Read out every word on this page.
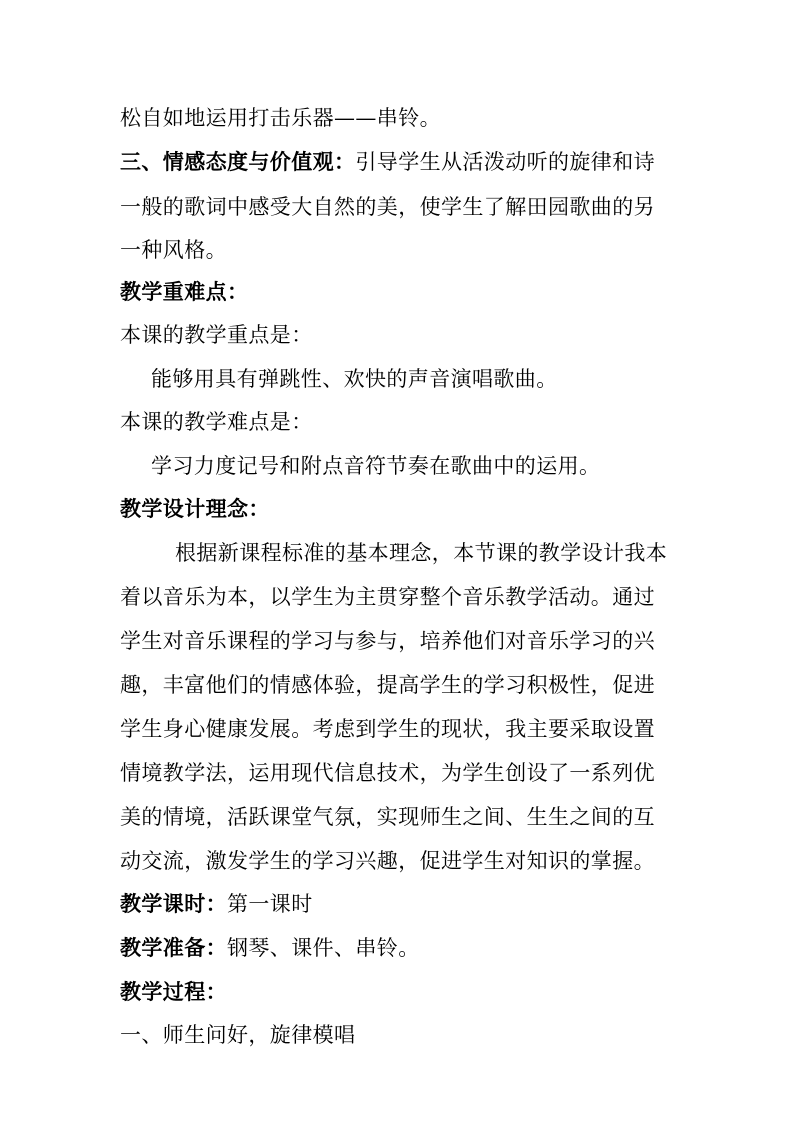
松自如地运用打击乐器——串铃。
三、情感态度与价值观：引导学生从活泼动听的旋律和诗
一般的歌词中感受大自然的美，使学生了解田园歌曲的另
一种风格。
教学重难点：
本课的教学重点是：
能够用具有弹跳性、欢快的声音演唱歌曲。
本课的教学难点是：
学习力度记号和附点音符节奏在歌曲中的运用。
教学设计理念：
根据新课程标准的基本理念，本节课的教学设计我本
着以音乐为本，以学生为主贯穿整个音乐教学活动。通过
学生对音乐课程的学习与参与，培养他们对音乐学习的兴
趣，丰富他们的情感体验，提高学生的学习积极性，促进
学生身心健康发展。考虑到学生的现状，我主要采取设置
情境教学法，运用现代信息技术，为学生创设了一系列优
美的情境，活跃课堂气氛，实现师生之间、生生之间的互
动交流，激发学生的学习兴趣，促进学生对知识的掌握。
教学课时：第一课时
教学准备：钢琴、课件、串铃。
教学过程：
一、师生问好，旋律模唱
